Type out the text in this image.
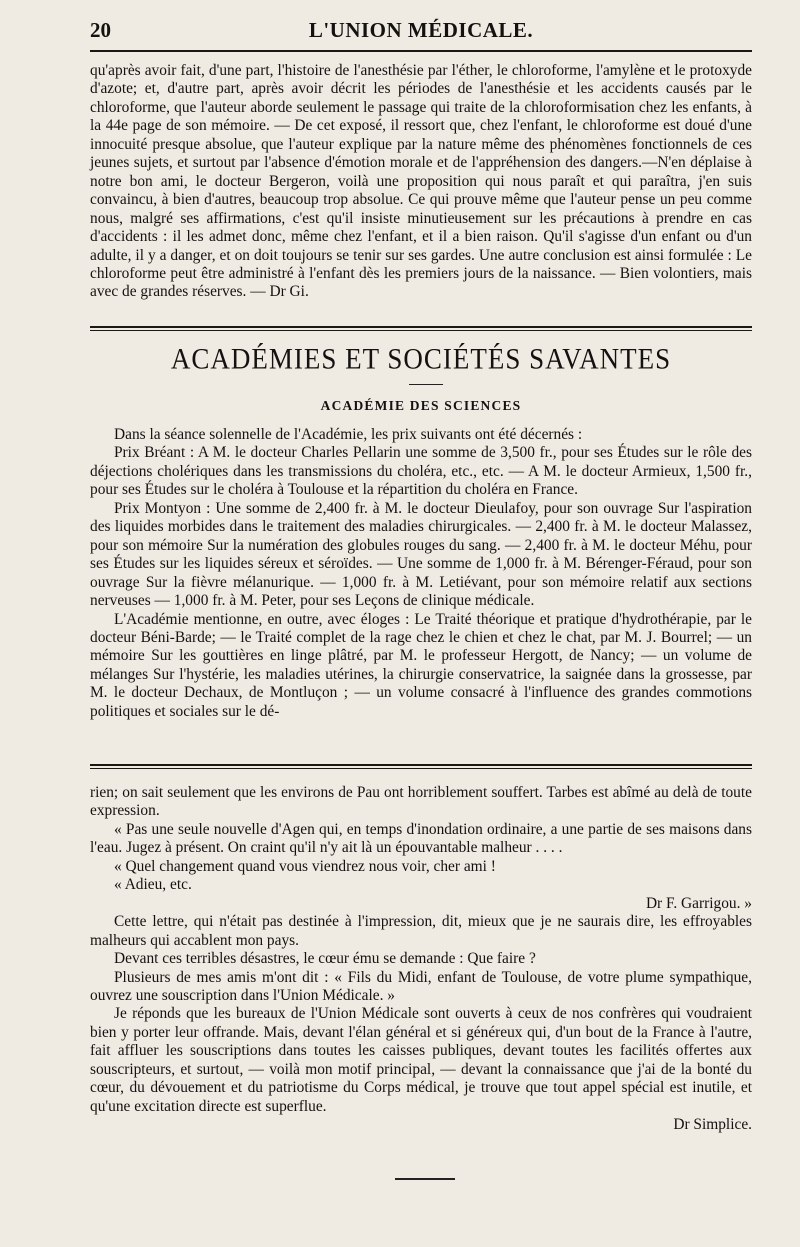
20	L'UNION MÉDICALE.

qu'après avoir fait, d'une part, l'histoire de l'anesthésie par l'éther, le chloroforme, l'amylène et le protoxyde d'azote; et, d'autre part, après avoir décrit les périodes de l'anesthésie et les accidents causés par le chloroforme, que l'auteur aborde seulement le passage qui traite de la chloroformisation chez les enfants, à la 44e page de son mémoire. — De cet exposé, il ressort que, chez l'enfant, le chloroforme est doué d'une innocuité presque absolue, que l'auteur explique par la nature même des phénomènes fonctionnels de ces jeunes sujets, et surtout par l'absence d'émotion morale et de l'appréhension des dangers.—N'en déplaise à notre bon ami, le docteur Bergeron, voilà une proposition qui nous paraît et qui paraîtra, j'en suis convaincu, à bien d'autres, beaucoup trop absolue. Ce qui prouve même que l'auteur pense un peu comme nous, malgré ses affirmations, c'est qu'il insiste minutieusement sur les précautions à prendre en cas d'accidents : il les admet donc, même chez l'enfant, et il a bien raison. Qu'il s'agisse d'un enfant ou d'un adulte, il y a danger, et on doit toujours se tenir sur ses gardes. Une autre conclusion est ainsi formulée : Le chloroforme peut être administré à l'enfant dès les premiers jours de la naissance. — Bien volontiers, mais avec de grandes réserves. — Dr Gi.

ACADÉMIES ET SOCIÉTÉS SAVANTES
ACADÉMIE DES SCIENCES

Dans la séance solennelle de l'Académie, les prix suivants ont été décernés :

Prix Bréant : A M. le docteur Charles Pellarin une somme de 3,500 fr., pour ses Études sur le rôle des déjections cholériques dans les transmissions du choléra, etc., etc. — A M. le docteur Armieux, 1,500 fr., pour ses Études sur le choléra à Toulouse et la répartition du choléra en France.

Prix Montyon : Une somme de 2,400 fr. à M. le docteur Dieulafoy, pour son ouvrage Sur l'aspiration des liquides morbides dans le traitement des maladies chirurgicales. — 2,400 fr. à M. le docteur Malassez, pour son mémoire Sur la numération des globules rouges du sang. — 2,400 fr. à M. le docteur Méhu, pour ses Études sur les liquides séreux et séroïdes. — Une somme de 1,000 fr. à M. Bérenger-Féraud, pour son ouvrage Sur la fièvre mélanurique. — 1,000 fr. à M. Letiévant, pour son mémoire relatif aux sections nerveuses — 1,000 fr. à M. Peter, pour ses Leçons de clinique médicale.

L'Académie mentionne, en outre, avec éloges : Le Traité théorique et pratique d'hydrothérapie, par le docteur Béni-Barde; — le Traité complet de la rage chez le chien et chez le chat, par M. J. Bourrel; — un mémoire Sur les gouttières en linge plâtré, par M. le professeur Hergott, de Nancy; — un volume de mélanges Sur l'hystérie, les maladies utérines, la chirurgie conservatrice, la saignée dans la grossesse, par M. le docteur Dechaux, de Montluçon ; — un volume consacré à l'influence des grandes commotions politiques et sociales sur le dé-

rien; on sait seulement que les environs de Pau ont horriblement souffert. Tarbes est abîmé au delà de toute expression.

« Pas une seule nouvelle d'Agen qui, en temps d'inondation ordinaire, a une partie de ses maisons dans l'eau. Jugez à présent. On craint qu'il n'y ait là un épouvantable malheur . . . .

« Quel changement quand vous viendrez nous voir, cher ami !

« Adieu, etc.

Dr F. Garrigou. »

Cette lettre, qui n'était pas destinée à l'impression, dit, mieux que je ne saurais dire, les effroyables malheurs qui accablent mon pays.

Devant ces terribles désastres, le cœur ému se demande : Que faire ?

Plusieurs de mes amis m'ont dit : « Fils du Midi, enfant de Toulouse, de votre plume sympathique, ouvrez une souscription dans l'Union Médicale. »

Je réponds que les bureaux de l'Union Médicale sont ouverts à ceux de nos confrères qui voudraient bien y porter leur offrande. Mais, devant l'élan général et si généreux qui, d'un bout de la France à l'autre, fait affluer les souscriptions dans toutes les caisses publiques, devant toutes les facilités offertes aux souscripteurs, et surtout, — voilà mon motif principal, — devant la connaissance que j'ai de la bonté du cœur, du dévouement et du patriotisme du Corps médical, je trouve que tout appel spécial est inutile, et qu'une excitation directe est superflue.

Dr Simplice.
